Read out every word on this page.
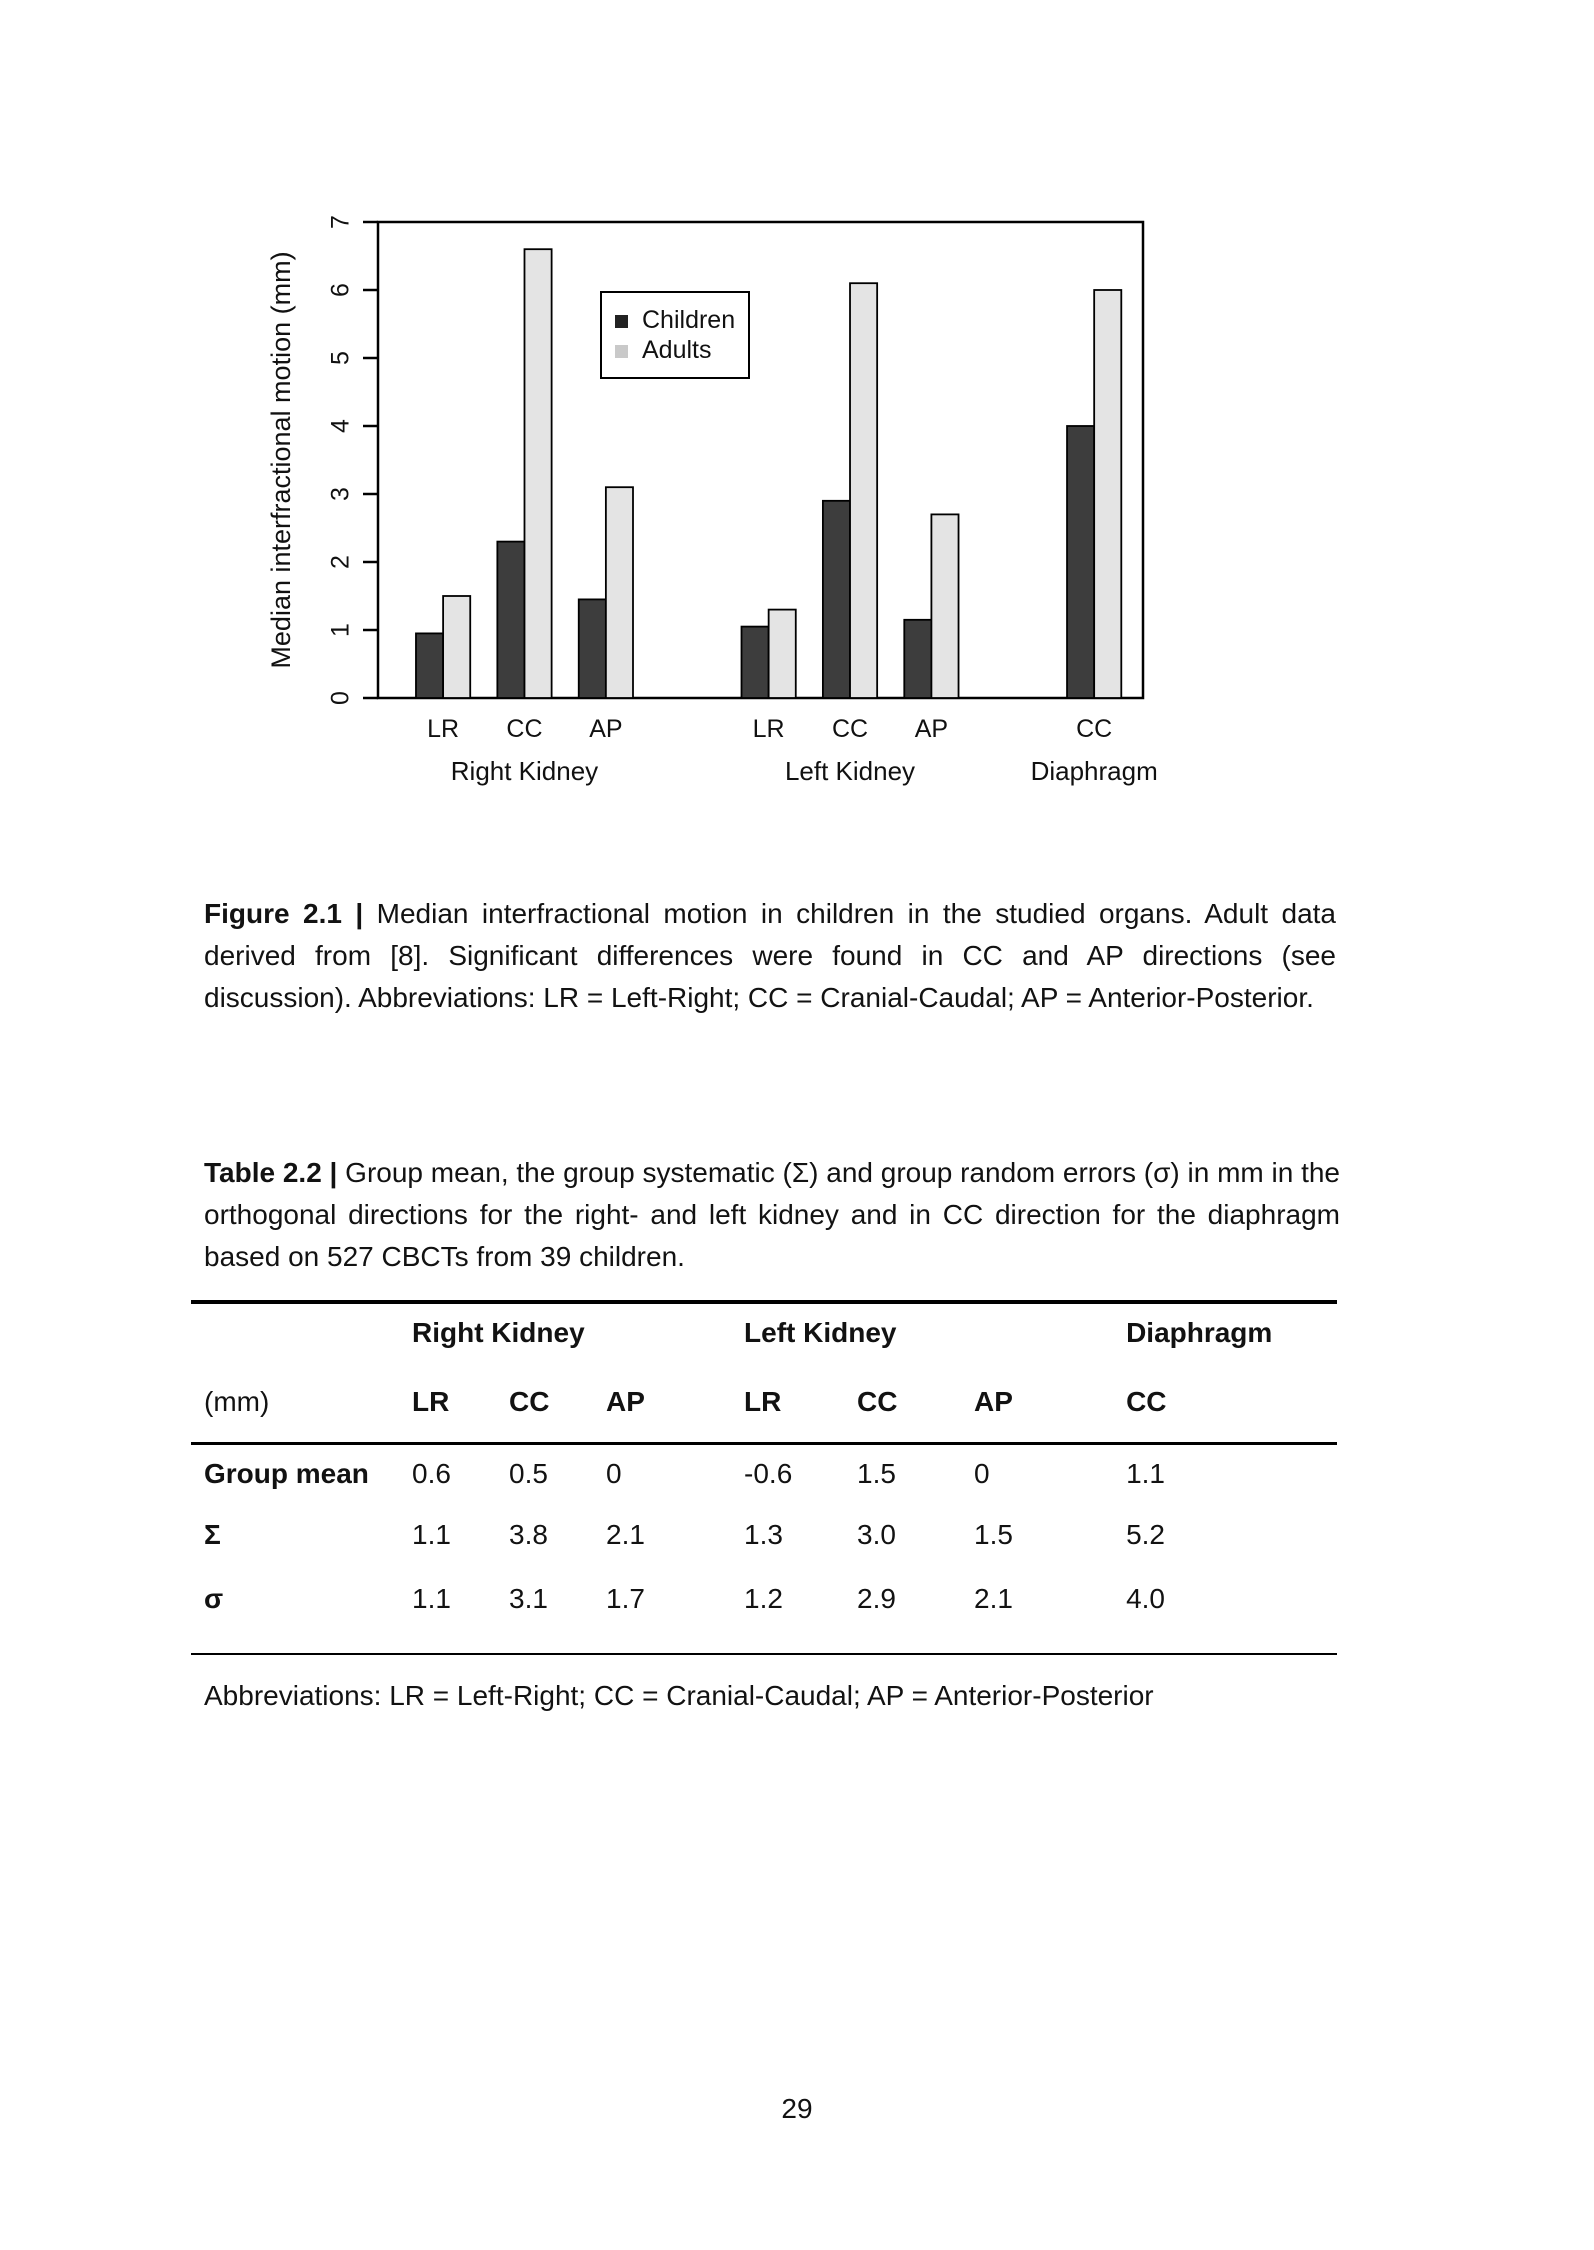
0
1
2
3
4
5
6
7
Median interfractional motion (mm)
LR CC AP	LR CC AP	CC
Right Kidney	Left Kidney	Diaphragm
Children
Adults
Figure 2.1 | Median interfractional motion in children in the studied organs. Adult data derived from [8]. Significant differences were found in CC and AP directions (see discussion). Abbreviations: LR = Left-Right; CC = Cranial-Caudal; AP = Anterior-Posterior.
Table 2.2 | Group mean, the group systematic (Σ) and group random errors (σ) in mm in the orthogonal directions for the right- and left kidney and in CC direction for the diaphragm based on 527 CBCTs from 39 children.
	Right Kidney			Left Kidney			Diaphragm
(mm)	LR	CC	AP	LR	CC	AP	CC
Group mean	0.6	0.5	0	-0.6	1.5	0	1.1
Σ	1.1	3.8	2.1	1.3	3.0	1.5	5.2
σ	1.1	3.1	1.7	1.2	2.9	2.1	4.0
Abbreviations: LR = Left-Right; CC = Cranial-Caudal; AP = Anterior-Posterior
29
